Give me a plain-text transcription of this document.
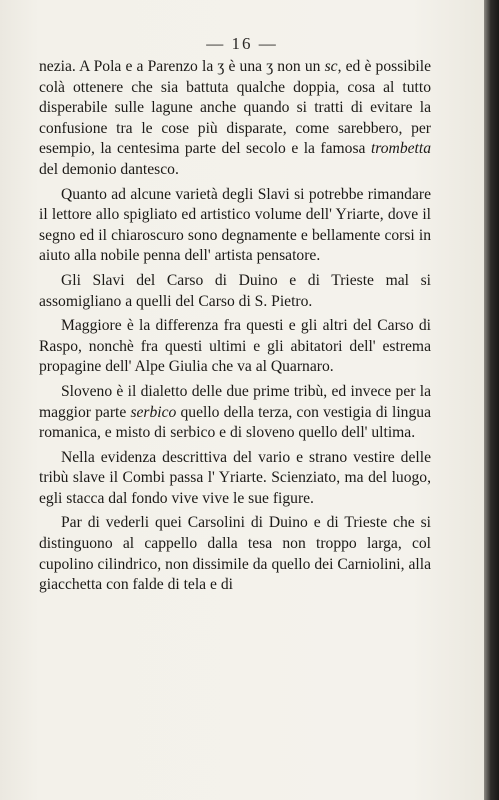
— 16 —

nezia. A Pola e a Parenzo la ʒ è una ʒ non un sc, ed è possibile colà ottenere che sia battuta qualche doppia, cosa al tutto disperabile sulle lagune anche quando si tratti di evitare la confusione tra le cose più disparate, come sarebbero, per esempio, la centesima parte del secolo e la famosa trombetta del demonio dantesco.

Quanto ad alcune varietà degli Slavi si potrebbe rimandare il lettore allo spigliato ed artistico volume dell' Yriarte, dove il segno ed il chiaroscuro sono degnamente e bellamente corsi in aiuto alla nobile penna dell' artista pensatore.

Gli Slavi del Carso di Duino e di Trieste mal si assomigliano a quelli del Carso di S. Pietro.

Maggiore è la differenza fra questi e gli altri del Carso di Raspo, nonchè fra questi ultimi e gli abitatori dell' estrema propagine dell' Alpe Giulia che va al Quarnaro.

Sloveno è il dialetto delle due prime tribù, ed invece per la maggior parte serbico quello della terza, con vestigia di lingua romanica, e misto di serbico e di sloveno quello dell' ultima.

Nella evidenza descrittiva del vario e strano vestire delle tribù slave il Combi passa l' Yriarte. Scienziato, ma del luogo, egli stacca dal fondo vive vive le sue figure.

Par di vederli quei Carsolini di Duino e di Trieste che si distinguono al cappello dalla tesa non troppo larga, col cupolino cilindrico, non dissimile da quello dei Carniolini, alla giacchetta con falde di tela e di
